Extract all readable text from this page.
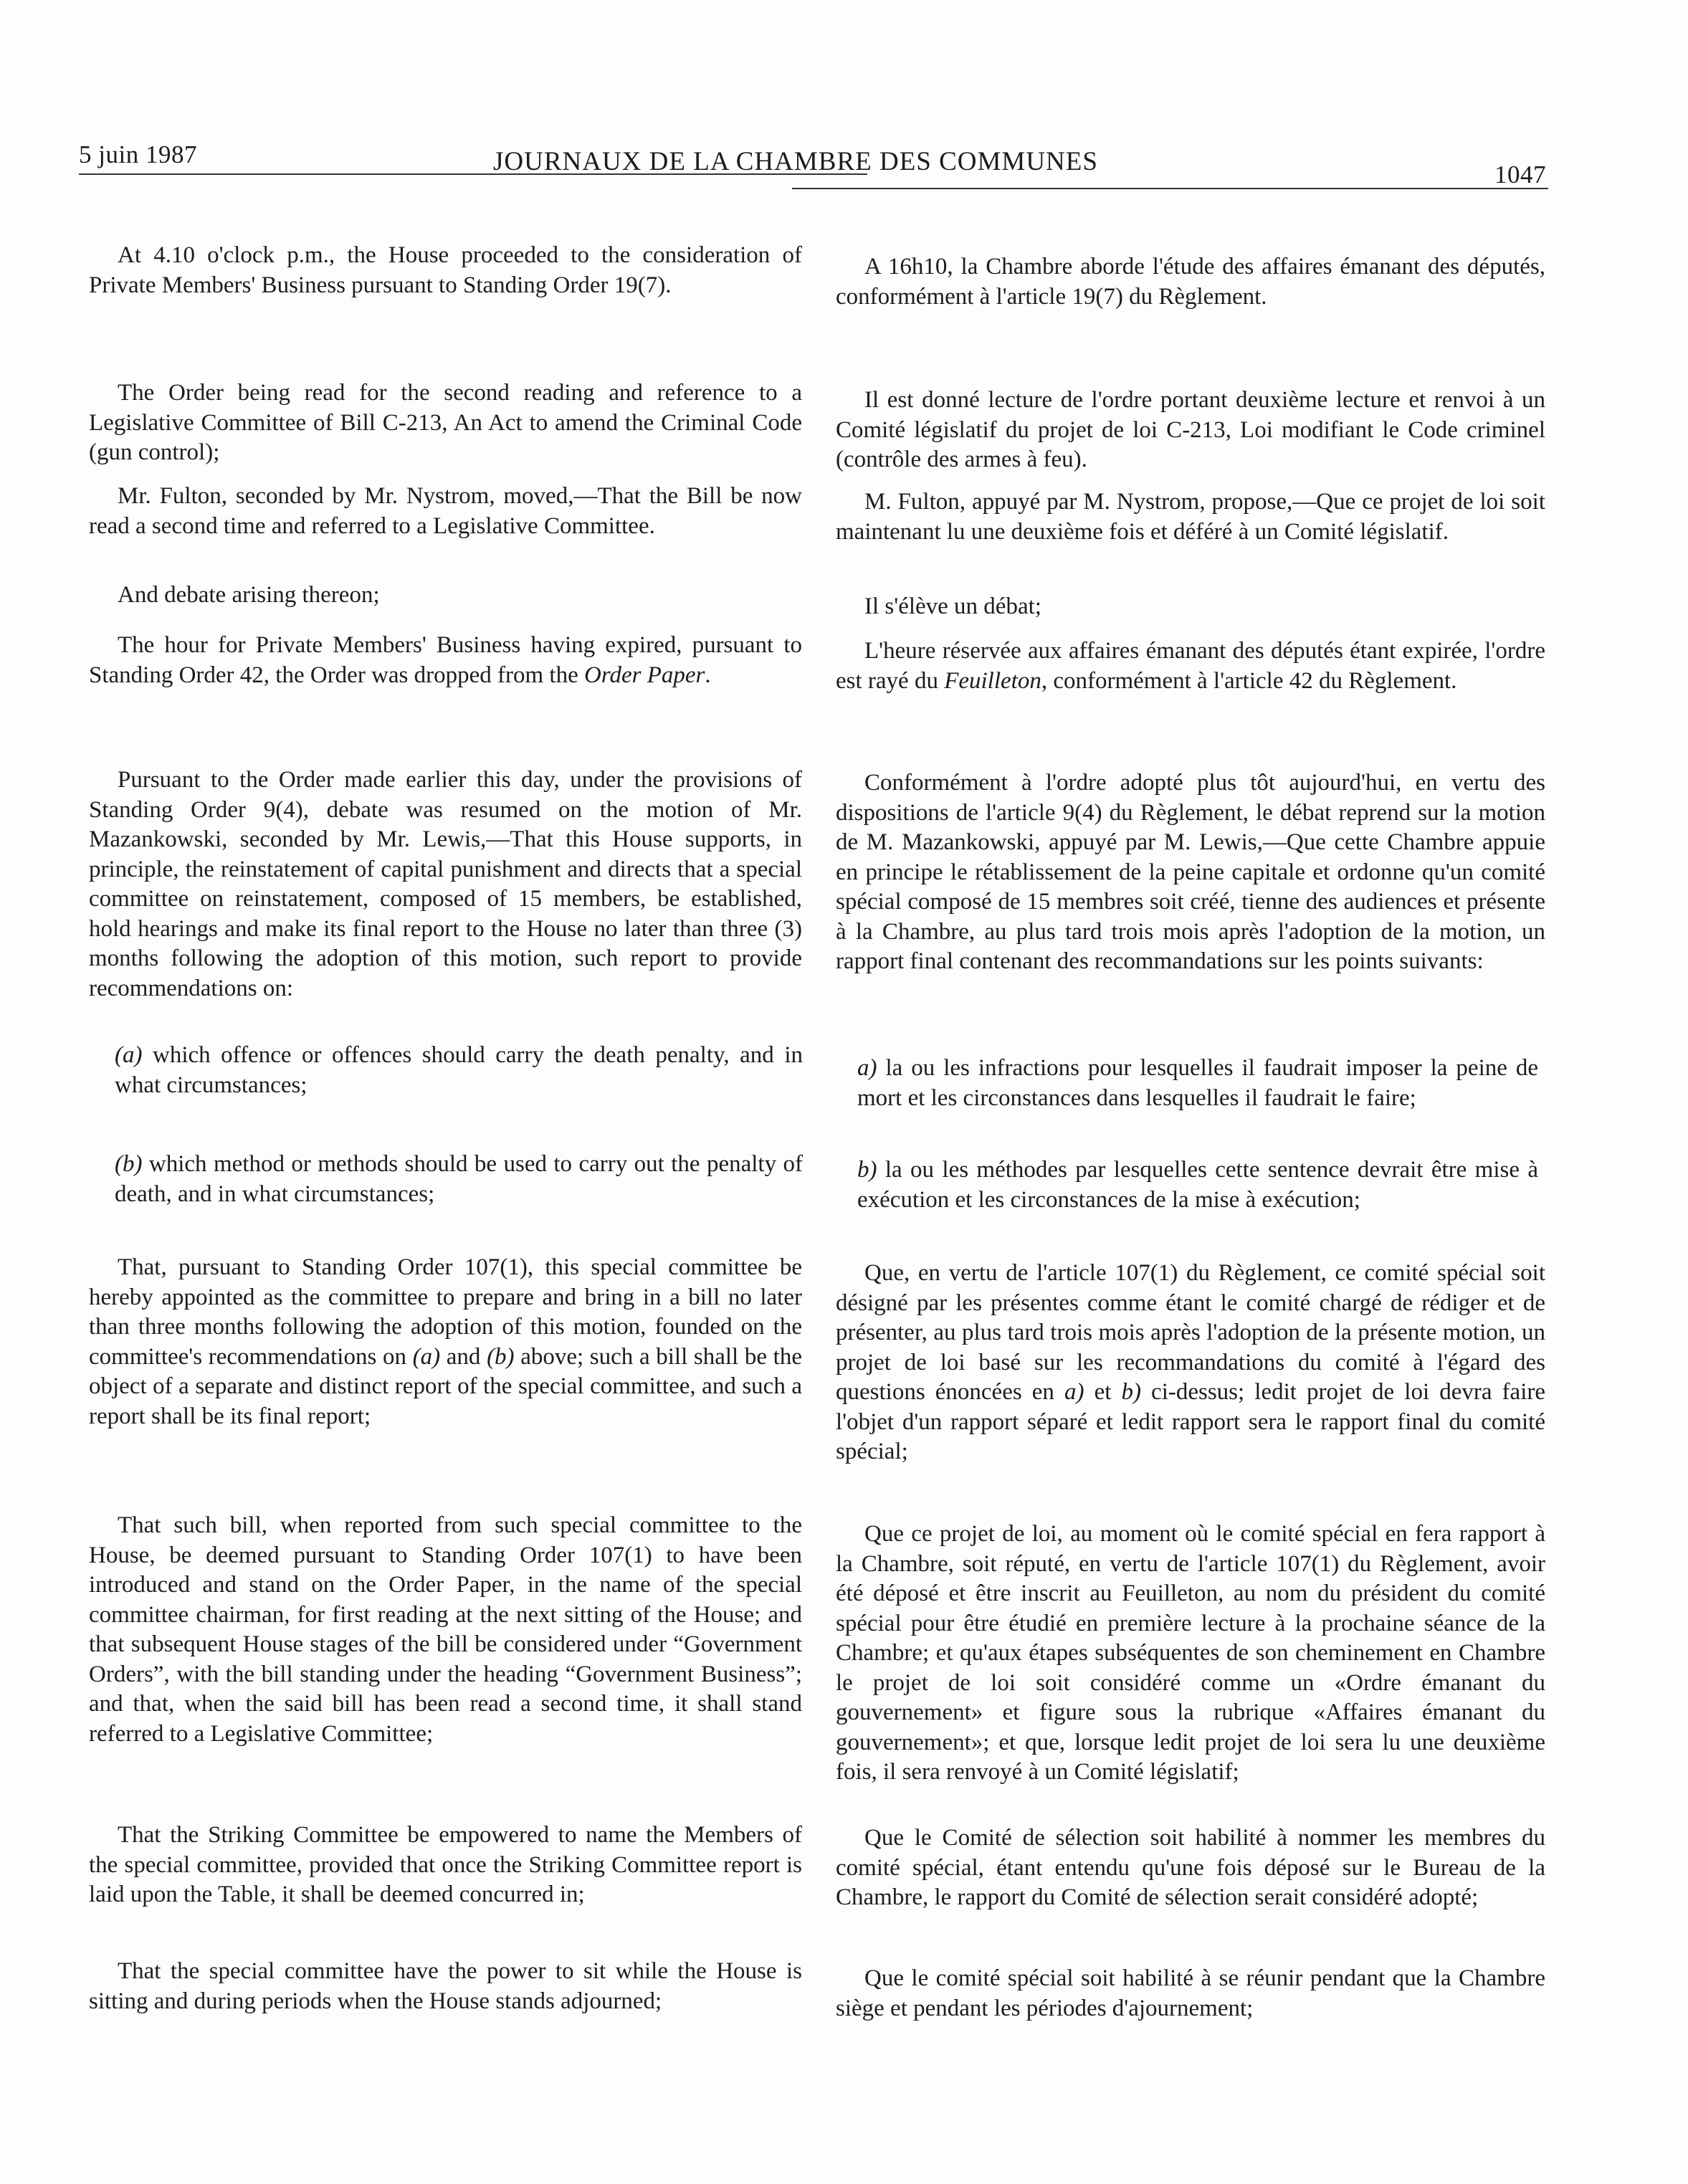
5 juin 1987	JOURNAUX DE LA CHAMBRE DES COMMUNES	1047

At 4.10 o'clock p.m., the House proceeded to the consideration of Private Members' Business pursuant to Standing Order 19(7).

The Order being read for the second reading and reference to a Legislative Committee of Bill C-213, An Act to amend the Criminal Code (gun control);

Mr. Fulton, seconded by Mr. Nystrom, moved,—That the Bill be now read a second time and referred to a Legislative Committee.

And debate arising thereon;

The hour for Private Members' Business having expired, pursuant to Standing Order 42, the Order was dropped from the Order Paper.

Pursuant to the Order made earlier this day, under the provisions of Standing Order 9(4), debate was resumed on the motion of Mr. Mazankowski, seconded by Mr. Lewis,—That this House supports, in principle, the reinstatement of capital punishment and directs that a special committee on reinstatement, composed of 15 members, be established, hold hearings and make its final report to the House no later than three (3) months following the adoption of this motion, such report to provide recommendations on:

(a) which offence or offences should carry the death penalty, and in what circumstances;

(b) which method or methods should be used to carry out the penalty of death, and in what circumstances;

That, pursuant to Standing Order 107(1), this special committee be hereby appointed as the committee to prepare and bring in a bill no later than three months following the adoption of this motion, founded on the committee's recommendations on (a) and (b) above; such a bill shall be the object of a separate and distinct report of the special committee, and such a report shall be its final report;

That such bill, when reported from such special committee to the House, be deemed pursuant to Standing Order 107(1) to have been introduced and stand on the Order Paper, in the name of the special committee chairman, for first reading at the next sitting of the House; and that subsequent House stages of the bill be considered under “Government Orders”, with the bill standing under the heading “Government Business”; and that, when the said bill has been read a second time, it shall stand referred to a Legislative Committee;

That the Striking Committee be empowered to name the Members of the special committee, provided that once the Striking Committee report is laid upon the Table, it shall be deemed concurred in;

That the special committee have the power to sit while the House is sitting and during periods when the House stands adjourned;

A 16h10, la Chambre aborde l'étude des affaires émanant des députés, conformément à l'article 19(7) du Règlement.

Il est donné lecture de l'ordre portant deuxième lecture et renvoi à un Comité législatif du projet de loi C-213, Loi modifiant le Code criminel (contrôle des armes à feu).

M. Fulton, appuyé par M. Nystrom, propose,—Que ce projet de loi soit maintenant lu une deuxième fois et déféré à un Comité législatif.

Il s'élève un débat;

L'heure réservée aux affaires émanant des députés étant expirée, l'ordre est rayé du Feuilleton, conformément à l'article 42 du Règlement.

Conformément à l'ordre adopté plus tôt aujourd'hui, en vertu des dispositions de l'article 9(4) du Règlement, le débat reprend sur la motion de M. Mazankowski, appuyé par M. Lewis,—Que cette Chambre appuie en principe le rétablissement de la peine capitale et ordonne qu'un comité spécial composé de 15 membres soit créé, tienne des audiences et présente à la Chambre, au plus tard trois mois après l'adoption de la motion, un rapport final contenant des recommandations sur les points suivants:

a) la ou les infractions pour lesquelles il faudrait imposer la peine de mort et les circonstances dans lesquelles il faudrait le faire;

b) la ou les méthodes par lesquelles cette sentence devrait être mise à exécution et les circonstances de la mise à exécution;

Que, en vertu de l'article 107(1) du Règlement, ce comité spécial soit désigné par les présentes comme étant le comité chargé de rédiger et de présenter, au plus tard trois mois après l'adoption de la présente motion, un projet de loi basé sur les recommandations du comité à l'égard des questions énoncées en a) et b) ci-dessus; ledit projet de loi devra faire l'objet d'un rapport séparé et ledit rapport sera le rapport final du comité spécial;

Que ce projet de loi, au moment où le comité spécial en fera rapport à la Chambre, soit réputé, en vertu de l'article 107(1) du Règlement, avoir été déposé et être inscrit au Feuilleton, au nom du président du comité spécial pour être étudié en première lecture à la prochaine séance de la Chambre; et qu'aux étapes subséquentes de son cheminement en Chambre le projet de loi soit considéré comme un «Ordre émanant du gouvernement» et figure sous la rubrique «Affaires émanant du gouvernement»; et que, lorsque ledit projet de loi sera lu une deuxième fois, il sera renvoyé à un Comité législatif;

Que le Comité de sélection soit habilité à nommer les membres du comité spécial, étant entendu qu'une fois déposé sur le Bureau de la Chambre, le rapport du Comité de sélection serait considéré adopté;

Que le comité spécial soit habilité à se réunir pendant que la Chambre siège et pendant les périodes d'ajournement;
